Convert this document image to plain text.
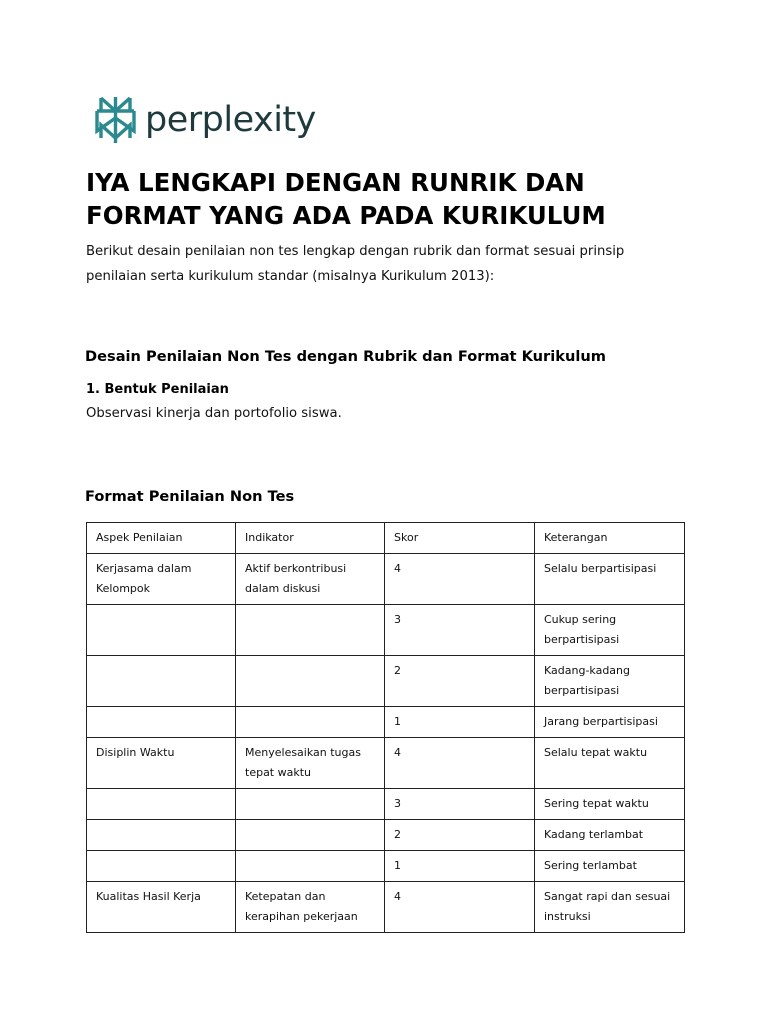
perplexity
IYA LENGKAPI DENGAN RUNRIK DAN FORMAT YANG ADA PADA KURIKULUM

Berikut desain penilaian non tes lengkap dengan rubrik dan format sesuai prinsip penilaian serta kurikulum standar (misalnya Kurikulum 2013):

Desain Penilaian Non Tes dengan Rubrik dan Format Kurikulum
1. Bentuk Penilaian

Observasi kinerja dan portofolio siswa.

Format Penilaian Non Tes
Aspek Penilaian	Indikator	Skor	Keterangan
Kerjasama dalam Kelompok	Aktif berkontribusi dalam diskusi	4	Selalu berpartisipasi
		3	Cukup sering berpartisipasi
		2	Kadang-kadang berpartisipasi
		1	Jarang berpartisipasi
Disiplin Waktu	Menyelesaikan tugas tepat waktu	4	Selalu tepat waktu
		3	Sering tepat waktu
		2	Kadang terlambat
		1	Sering terlambat
Kualitas Hasil Kerja	Ketepatan dan kerapihan pekerjaan	4	Sangat rapi dan sesuai instruksi
